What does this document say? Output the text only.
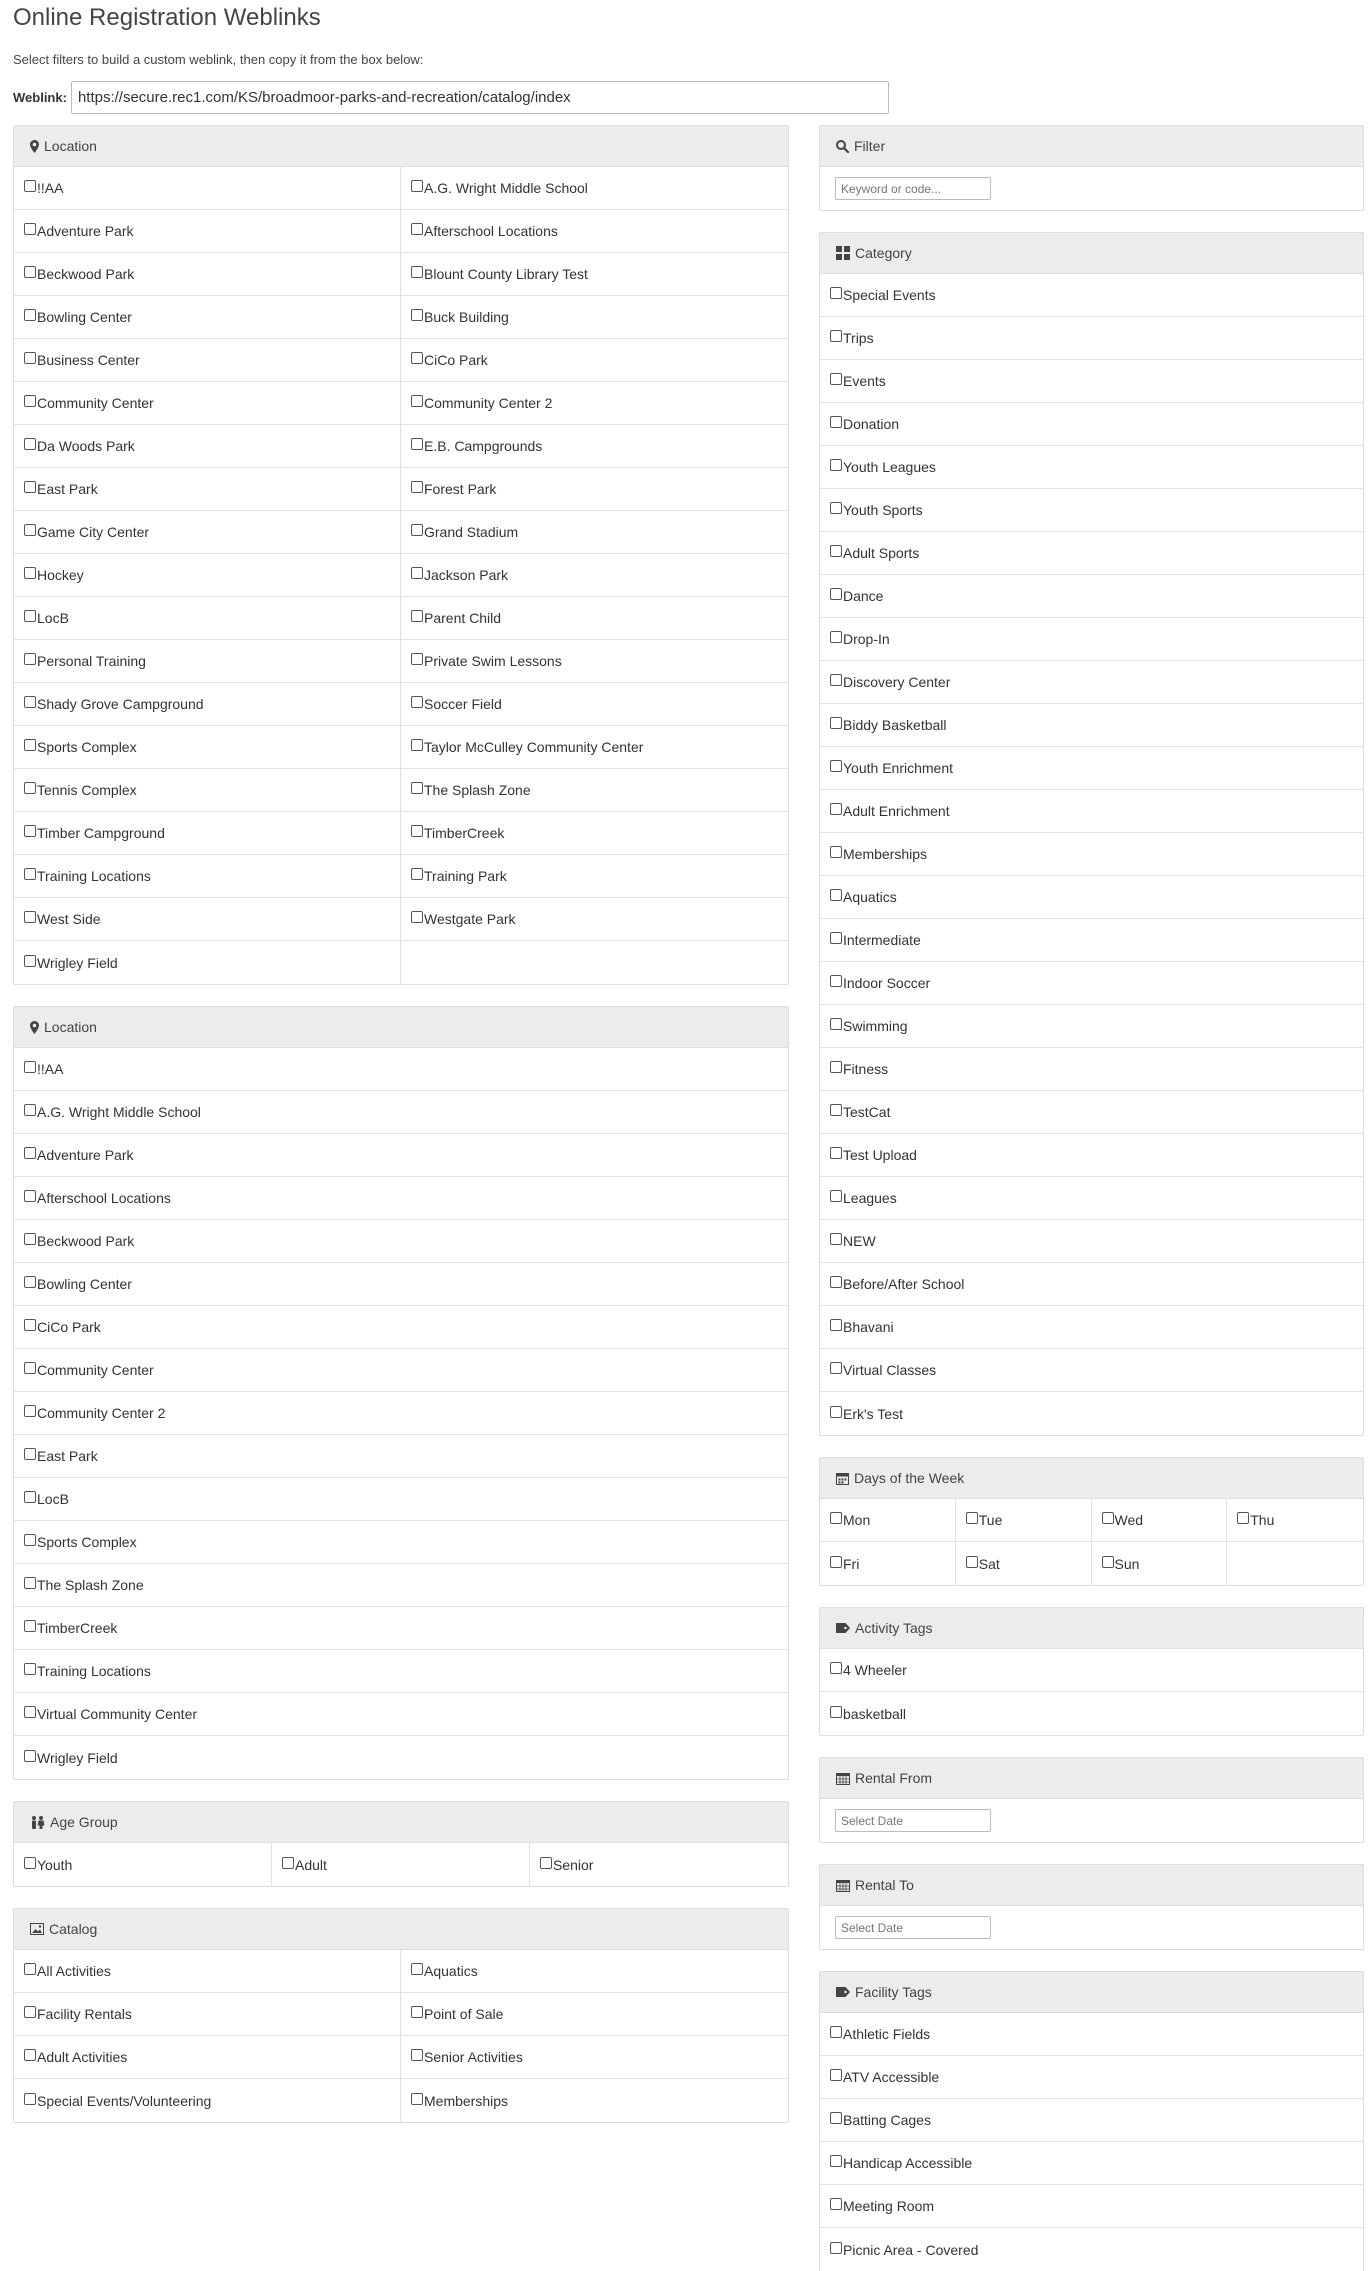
Online Registration Weblinks

Select filters to build a custom weblink, then copy it from the box below:

Weblink:
https://secure.rec1.com/KS/broadmoor-parks-and-recreation/catalog/index
Location
!!AA	A.G. Wright Middle School
Adventure Park	Afterschool Locations
Beckwood Park	Blount County Library Test
Bowling Center	Buck Building
Business Center	CiCo Park
Community Center	Community Center 2
Da Woods Park	E.B. Campgrounds
East Park	Forest Park
Game City Center	Grand Stadium
Hockey	Jackson Park
LocB	Parent Child
Personal Training	Private Swim Lessons
Shady Grove Campground	Soccer Field
Sports Complex	Taylor McCulley Community Center
Tennis Complex	The Splash Zone
Timber Campground	TimberCreek
Training Locations	Training Park
West Side	Westgate Park
Wrigley Field
Location
!!AA
A.G. Wright Middle School
Adventure Park
Afterschool Locations
Beckwood Park
Bowling Center
CiCo Park
Community Center
Community Center 2
East Park
LocB
Sports Complex
The Splash Zone
TimberCreek
Training Locations
Virtual Community Center
Wrigley Field
Age Group
Youth	Adult	Senior
Catalog
All Activities	Aquatics
Facility Rentals	Point of Sale
Adult Activities	Senior Activities
Special Events/Volunteering	Memberships
Filter
Keyword or code...
Category
Special Events
Trips
Events
Donation
Youth Leagues
Youth Sports
Adult Sports
Dance
Drop-In
Discovery Center
Biddy Basketball
Youth Enrichment
Adult Enrichment
Memberships
Aquatics
Intermediate
Indoor Soccer
Swimming
Fitness
TestCat
Test Upload
Leagues
NEW
Before/After School
Bhavani
Virtual Classes
Erk's Test
Days of the Week
Mon	Tue	Wed	Thu
Fri	Sat	Sun
Activity Tags
4 Wheeler
basketball
Rental From
Select Date
Rental To
Select Date
Facility Tags
Athletic Fields
ATV Accessible
Batting Cages
Handicap Accessible
Meeting Room
Picnic Area - Covered
